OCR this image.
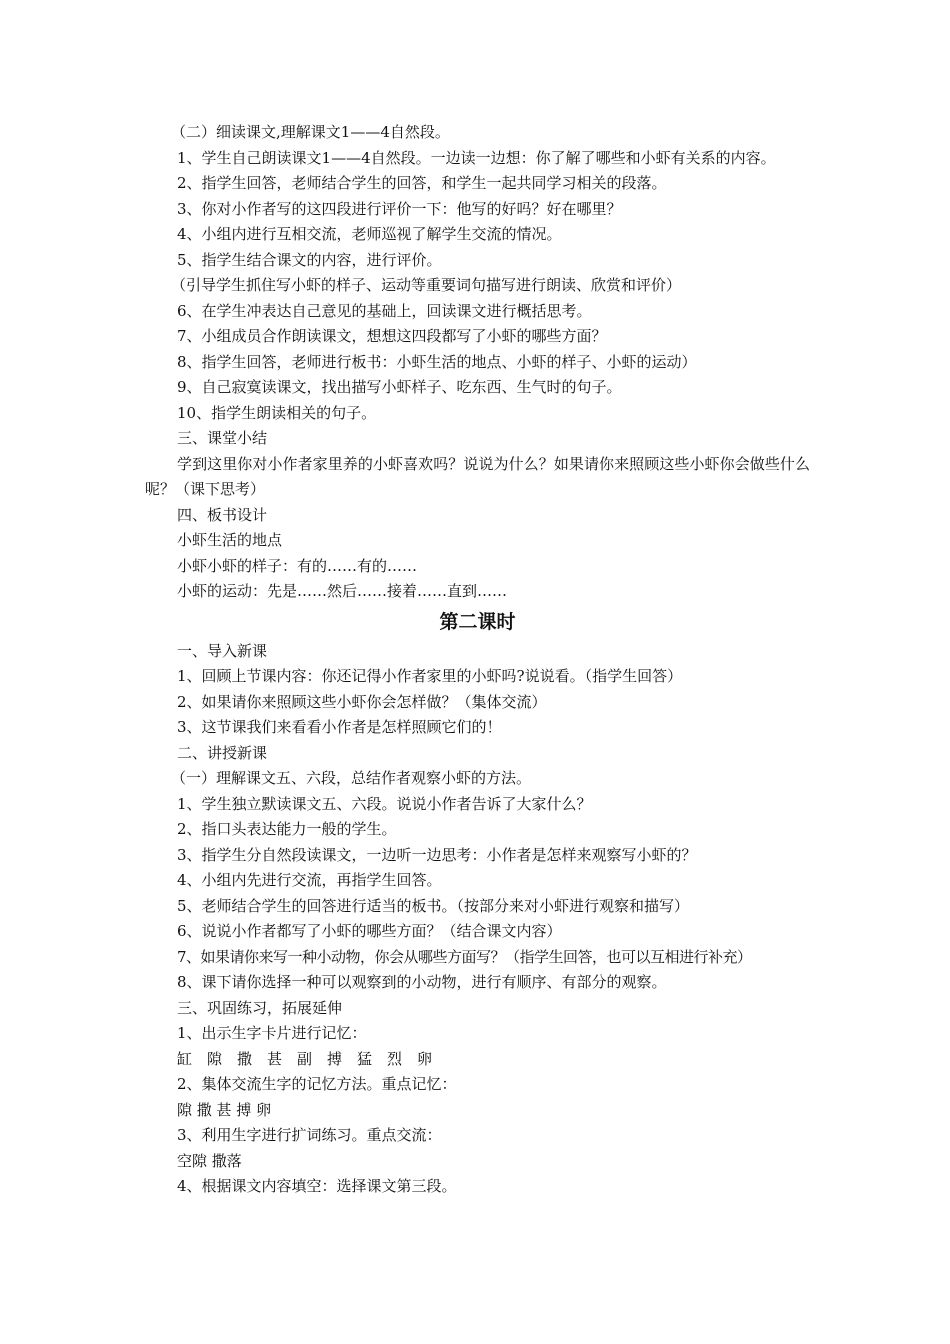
（二）细读课文,理解课文1——4自然段。

1、学生自己朗读课文1——4自然段。一边读一边想：你了解了哪些和小虾有关系的内容。

2、指学生回答，老师结合学生的回答，和学生一起共同学习相关的段落。

3、你对小作者写的这四段进行评价一下：他写的好吗？好在哪里？

4、小组内进行互相交流，老师巡视了解学生交流的情况。

5、指学生结合课文的内容，进行评价。

（引导学生抓住写小虾的样子、运动等重要词句描写进行朗读、欣赏和评价）

6、在学生冲表达自己意见的基础上，回读课文进行概括思考。

7、小组成员合作朗读课文，想想这四段都写了小虾的哪些方面？

8、指学生回答，老师进行板书：小虾生活的地点、小虾的样子、小虾的运动）

9、自己寂寞读课文，找出描写小虾样子、吃东西、生气时的句子。

10、指学生朗读相关的句子。

三、课堂小结

学到这里你对小作者家里养的小虾喜欢吗？说说为什么？如果请你来照顾这些小虾你会做些什么呢？（课下思考）

四、板书设计

小虾生活的地点

小虾小虾的样子：有的……有的……

小虾的运动：先是……然后……接着……直到……

第二课时

一、导入新课

1、回顾上节课内容：你还记得小作者家里的小虾吗?说说看。（指学生回答）

2、如果请你来照顾这些小虾你会怎样做？（集体交流）

3、这节课我们来看看小作者是怎样照顾它们的！

二、讲授新课

（一）理解课文五、六段，总结作者观察小虾的方法。

1、学生独立默读课文五、六段。说说小作者告诉了大家什么？

2、指口头表达能力一般的学生。

3、指学生分自然段读课文，一边听一边思考：小作者是怎样来观察写小虾的？

4、小组内先进行交流，再指学生回答。

5、老师结合学生的回答进行适当的板书。（按部分来对小虾进行观察和描写）

6、说说小作者都写了小虾的哪些方面？（结合课文内容）

7、如果请你来写一种小动物，你会从哪些方面写？（指学生回答，也可以互相进行补充）

8、课下请你选择一种可以观察到的小动物，进行有顺序、有部分的观察。

三、巩固练习，拓展延伸

1、出示生字卡片进行记忆：

缸　隙　撒　甚　副　搏　猛　烈　卵

2、集体交流生字的记忆方法。重点记忆：

隙 撒 甚 搏 卵

3、利用生字进行扩词练习。重点交流：

空隙 撒落

4、根据课文内容填空：选择课文第三段。
